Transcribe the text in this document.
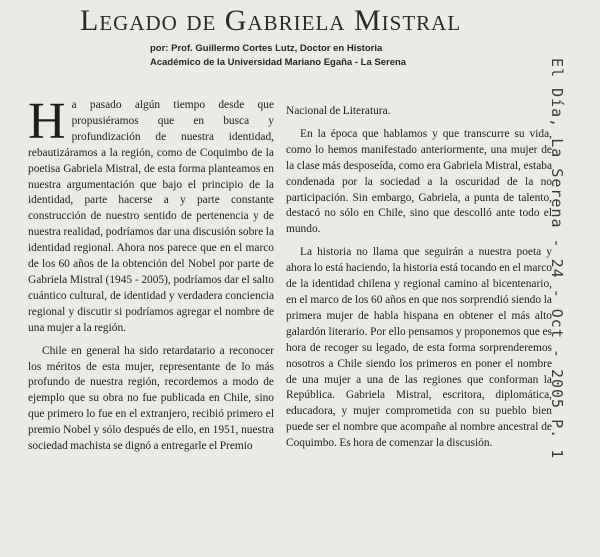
Legado de Gabriela Mistral
por: Prof. Guillermo Cortes Lutz, Doctor en Historia
Académico de la Universidad Mariano Egaña - La Serena

Ha pasado algún tiempo desde que propusiéramos que en busca y profundización de nuestra identidad, rebautizáramos a la región, como de Coquimbo de la poetisa Gabriela Mistral, de esta forma planteamos en nuestra argumentación que bajo el principio de la identidad, parte hacerse a y parte constante construcción de nuestro sentido de pertenencia y de nuestra realidad, podríamos dar una discusión sobre la identidad regional. Ahora nos parece que en el marco de los 60 años de la obtención del Nobel por parte de Gabriela Mistral (1945 - 2005), podríamos dar el salto cuántico cultural, de identidad y verdadera conciencia regional y discutir si podríamos agregar el nombre de una mujer a la región.

Chile en general ha sido retardatario a reconocer los méritos de esta mujer, representante de lo más profundo de nuestra región, recordemos a modo de ejemplo que su obra no fue publicada en Chile, sino que primero lo fue en el extranjero, recibió primero el premio Nobel y sólo después de ello, en 1951, nuestra sociedad machista se dignó a entregarle el Premio

Nacional de Literatura.

En la época que hablamos y que transcurre su vida, como lo hemos manifestado anteriormente, una mujer de la clase más desposeída, como era Gabriela Mistral, estaba condenada por la sociedad a la oscuridad de la no participación. Sin embargo, Gabriela, a punta de talento, destacó no sólo en Chile, sino que descolló ante todo el mundo.

La historia no llama que seguirán a nuestra poeta y ahora lo está haciendo, la historia está tocando en el marco de la identidad chilena y regional camino al bicentenario, en el marco de los 60 años en que nos sorprendió siendo la primera mujer de habla hispana en obtener el más alto galardón literario. Por ello pensamos y proponemos que es hora de recoger su legado, de esta forma sorprenderemos nosotros a Chile siendo los primeros en poner el nombre de una mujer a una de las regiones que conforman la República. Gabriela Mistral, escritora, diplomática, educadora, y mujer comprometida con su pueblo bien puede ser el nombre que acompañe al nombre ancestral de Coquimbo. Es hora de comenzar la discusión.	El Día, La Serena - 24 - Oct - 2005 P. 1
